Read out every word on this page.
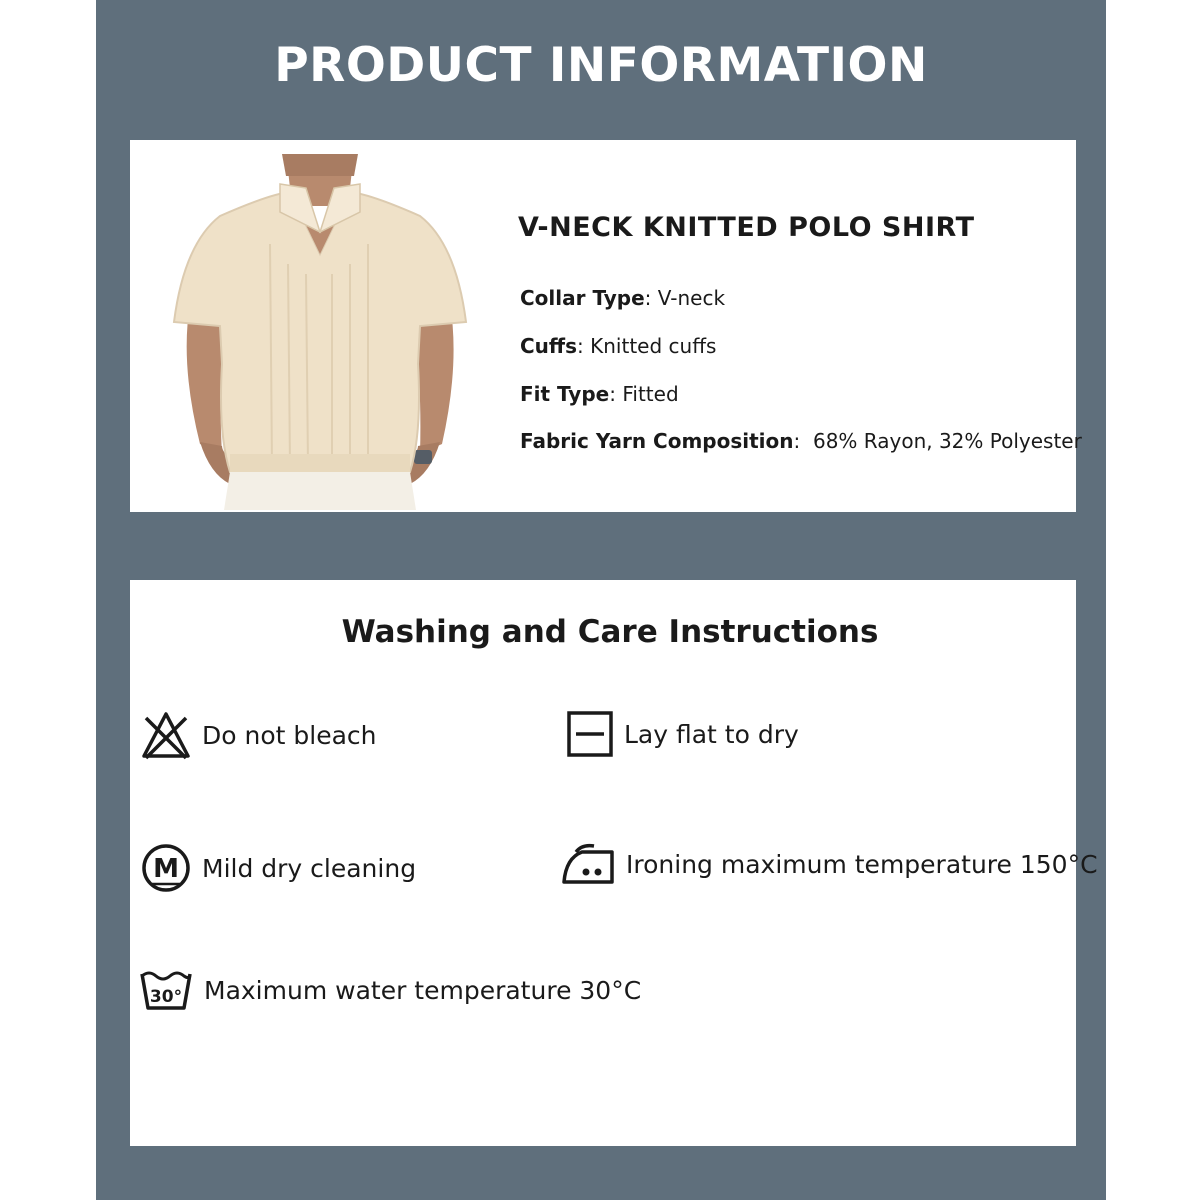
PRODUCT INFORMATION
V-NECK KNITTED POLO SHIRT
Collar Type: V-neck
Cuffs: Knitted cuffs
Fit Type: Fitted
Fabric Yarn Composition:  68% Rayon, 32% Polyester
Washing and Care Instructions
Do not bleach	Lay flat to dry
M Mild dry cleaning	Ironing maximum temperature 150°C
30° Maximum water temperature 30°C
